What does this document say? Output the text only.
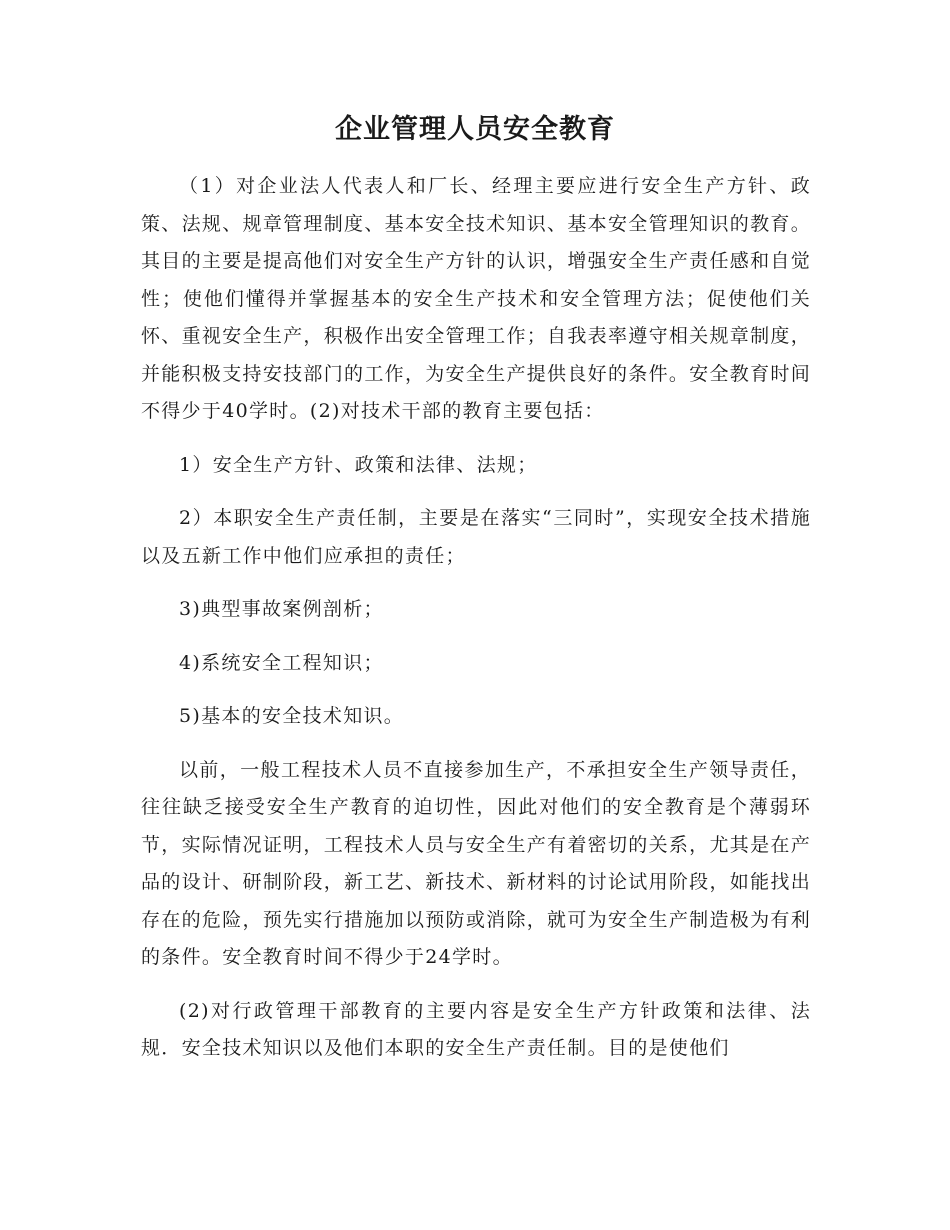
企业管理人员安全教育

（1）对企业法人代表人和厂长、经理主要应进行安全生产方针、政策、法规、规章管理制度、基本安全技术知识、基本安全管理知识的教育。其目的主要是提高他们对安全生产方针的认识，增强安全生产责任感和自觉性；使他们懂得并掌握基本的安全生产技术和安全管理方法；促使他们关怀、重视安全生产，积极作出安全管理工作；自我表率遵守相关规章制度，并能积极支持安技部门的工作，为安全生产提供良好的条件。安全教育时间不得少于40学时。(2)对技术干部的教育主要包括：

1）安全生产方针、政策和法律、法规；

2）本职安全生产责任制，主要是在落实“三同时”，实现安全技术措施以及五新工作中他们应承担的责任；

3)典型事故案例剖析；

4)系统安全工程知识；

5)基本的安全技术知识。

以前，一般工程技术人员不直接参加生产，不承担安全生产领导责任，往往缺乏接受安全生产教育的迫切性，因此对他们的安全教育是个薄弱环节，实际情况证明，工程技术人员与安全生产有着密切的关系，尤其是在产品的设计、研制阶段，新工艺、新技术、新材料的讨论试用阶段，如能找出存在的危险，预先实行措施加以预防或消除，就可为安全生产制造极为有利的条件。安全教育时间不得少于24学时。

(2)对行政管理干部教育的主要内容是安全生产方针政策和法律、法规．安全技术知识以及他们本职的安全生产责任制。目的是使他们
